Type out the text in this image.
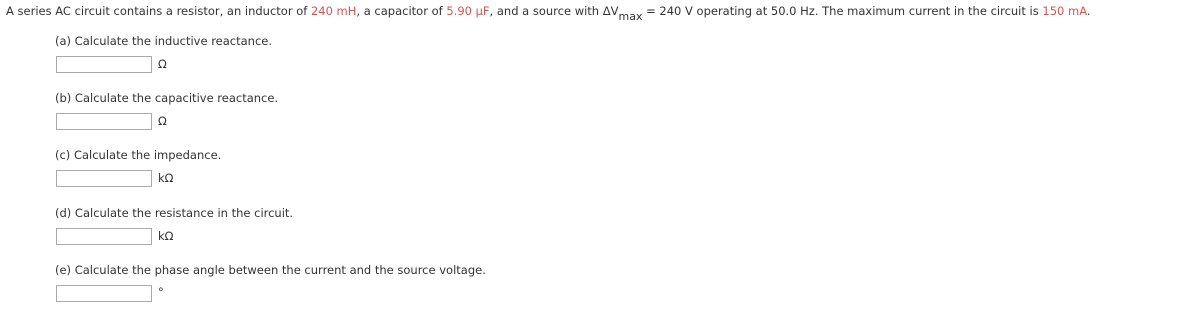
A series AC circuit contains a resistor, an inductor of 240 mH, a capacitor of 5.90 μF, and a source with ΔVmax = 240 V operating at 50.0 Hz. The maximum current in the circuit is 150 mA.
(a) Calculate the inductive reactance.
Ω
(b) Calculate the capacitive reactance.
Ω
(c) Calculate the impedance.
kΩ
(d) Calculate the resistance in the circuit.
kΩ
(e) Calculate the phase angle between the current and the source voltage.
°
